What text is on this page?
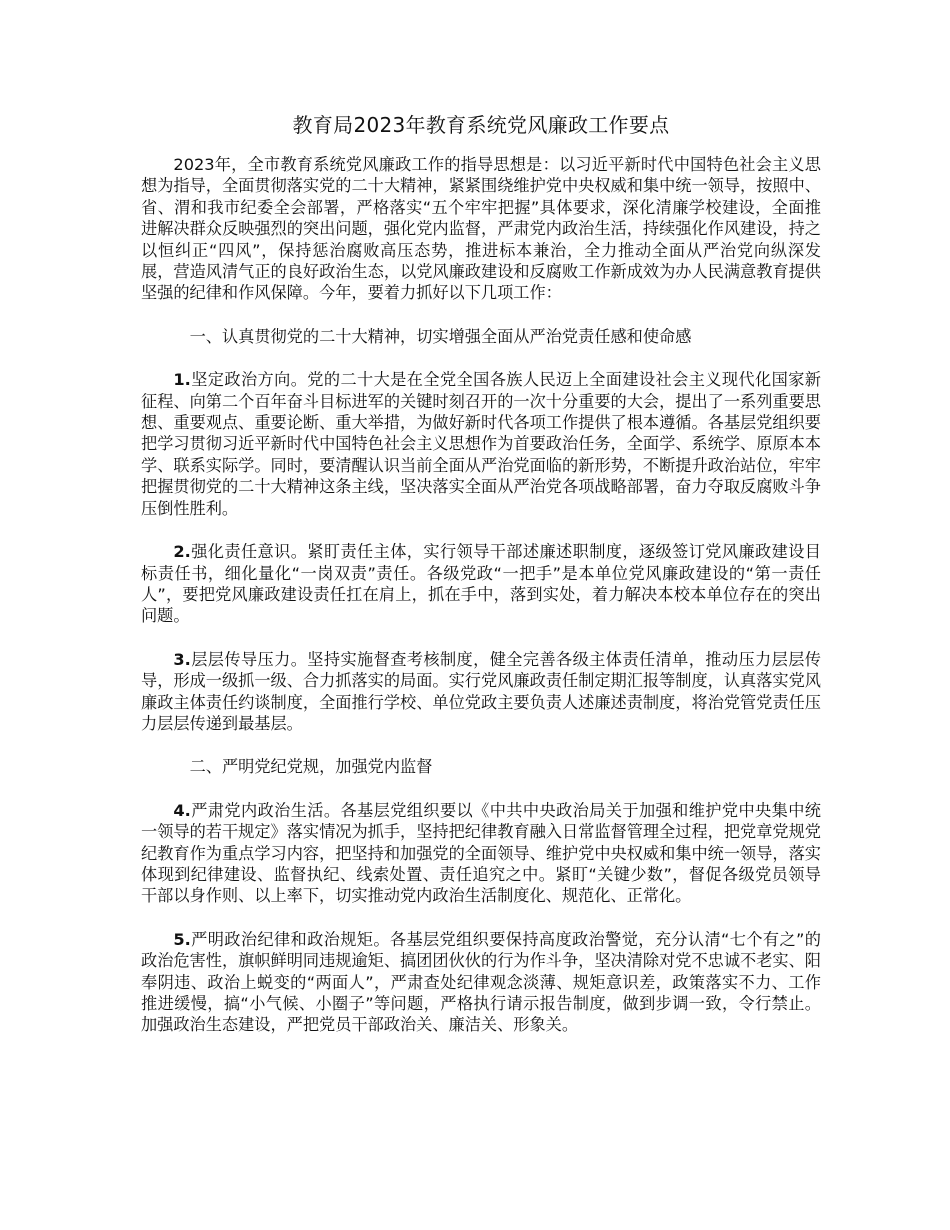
教育局2023年教育系统党风廉政工作要点

2023年，全市教育系统党风廉政工作的指导思想是：以习近平新时代中国特色社会主义思想为指导，全面贯彻落实党的二十大精神，紧紧围绕维护党中央权威和集中统一领导，按照中、省、渭和我市纪委全会部署，严格落实“五个牢牢把握”具体要求，深化清廉学校建设，全面推进解决群众反映强烈的突出问题，强化党内监督，严肃党内政治生活，持续强化作风建设，持之以恒纠正“四风”，保持惩治腐败高压态势，推进标本兼治，全力推动全面从严治党向纵深发展，营造风清气正的良好政治生态，以党风廉政建设和反腐败工作新成效为办人民满意教育提供坚强的纪律和作风保障。今年，要着力抓好以下几项工作：

一、认真贯彻党的二十大精神，切实增强全面从严治党责任感和使命感

1.坚定政治方向。党的二十大是在全党全国各族人民迈上全面建设社会主义现代化国家新征程、向第二个百年奋斗目标进军的关键时刻召开的一次十分重要的大会，提出了一系列重要思想、重要观点、重要论断、重大举措，为做好新时代各项工作提供了根本遵循。各基层党组织要把学习贯彻习近平新时代中国特色社会主义思想作为首要政治任务，全面学、系统学、原原本本学、联系实际学。同时，要清醒认识当前全面从严治党面临的新形势，不断提升政治站位，牢牢把握贯彻党的二十大精神这条主线，坚决落实全面从严治党各项战略部署，奋力夺取反腐败斗争压倒性胜利。

2.强化责任意识。紧盯责任主体，实行领导干部述廉述职制度，逐级签订党风廉政建设目标责任书，细化量化“一岗双责”责任。各级党政“一把手”是本单位党风廉政建设的“第一责任人”，要把党风廉政建设责任扛在肩上，抓在手中，落到实处，着力解决本校本单位存在的突出问题。

3.层层传导压力。坚持实施督查考核制度，健全完善各级主体责任清单，推动压力层层传导，形成一级抓一级、合力抓落实的局面。实行党风廉政责任制定期汇报等制度，认真落实党风廉政主体责任约谈制度，全面推行学校、单位党政主要负责人述廉述责制度，将治党管党责任压力层层传递到最基层。

二、严明党纪党规，加强党内监督

4.严肃党内政治生活。各基层党组织要以《中共中央政治局关于加强和维护党中央集中统一领导的若干规定》落实情况为抓手，坚持把纪律教育融入日常监督管理全过程，把党章党规党纪教育作为重点学习内容，把坚持和加强党的全面领导、维护党中央权威和集中统一领导，落实体现到纪律建设、监督执纪、线索处置、责任追究之中。紧盯“关键少数”，督促各级党员领导干部以身作则、以上率下，切实推动党内政治生活制度化、规范化、正常化。

5.严明政治纪律和政治规矩。各基层党组织要保持高度政治警觉，充分认清“七个有之”的政治危害性，旗帜鲜明同违规逾矩、搞团团伙伙的行为作斗争，坚决清除对党不忠诚不老实、阳奉阴违、政治上蜕变的“两面人”，严肃查处纪律观念淡薄、规矩意识差，政策落实不力、工作推进缓慢，搞“小气候、小圈子”等问题，严格执行请示报告制度，做到步调一致，令行禁止。加强政治生态建设，严把党员干部政治关、廉洁关、形象关。
